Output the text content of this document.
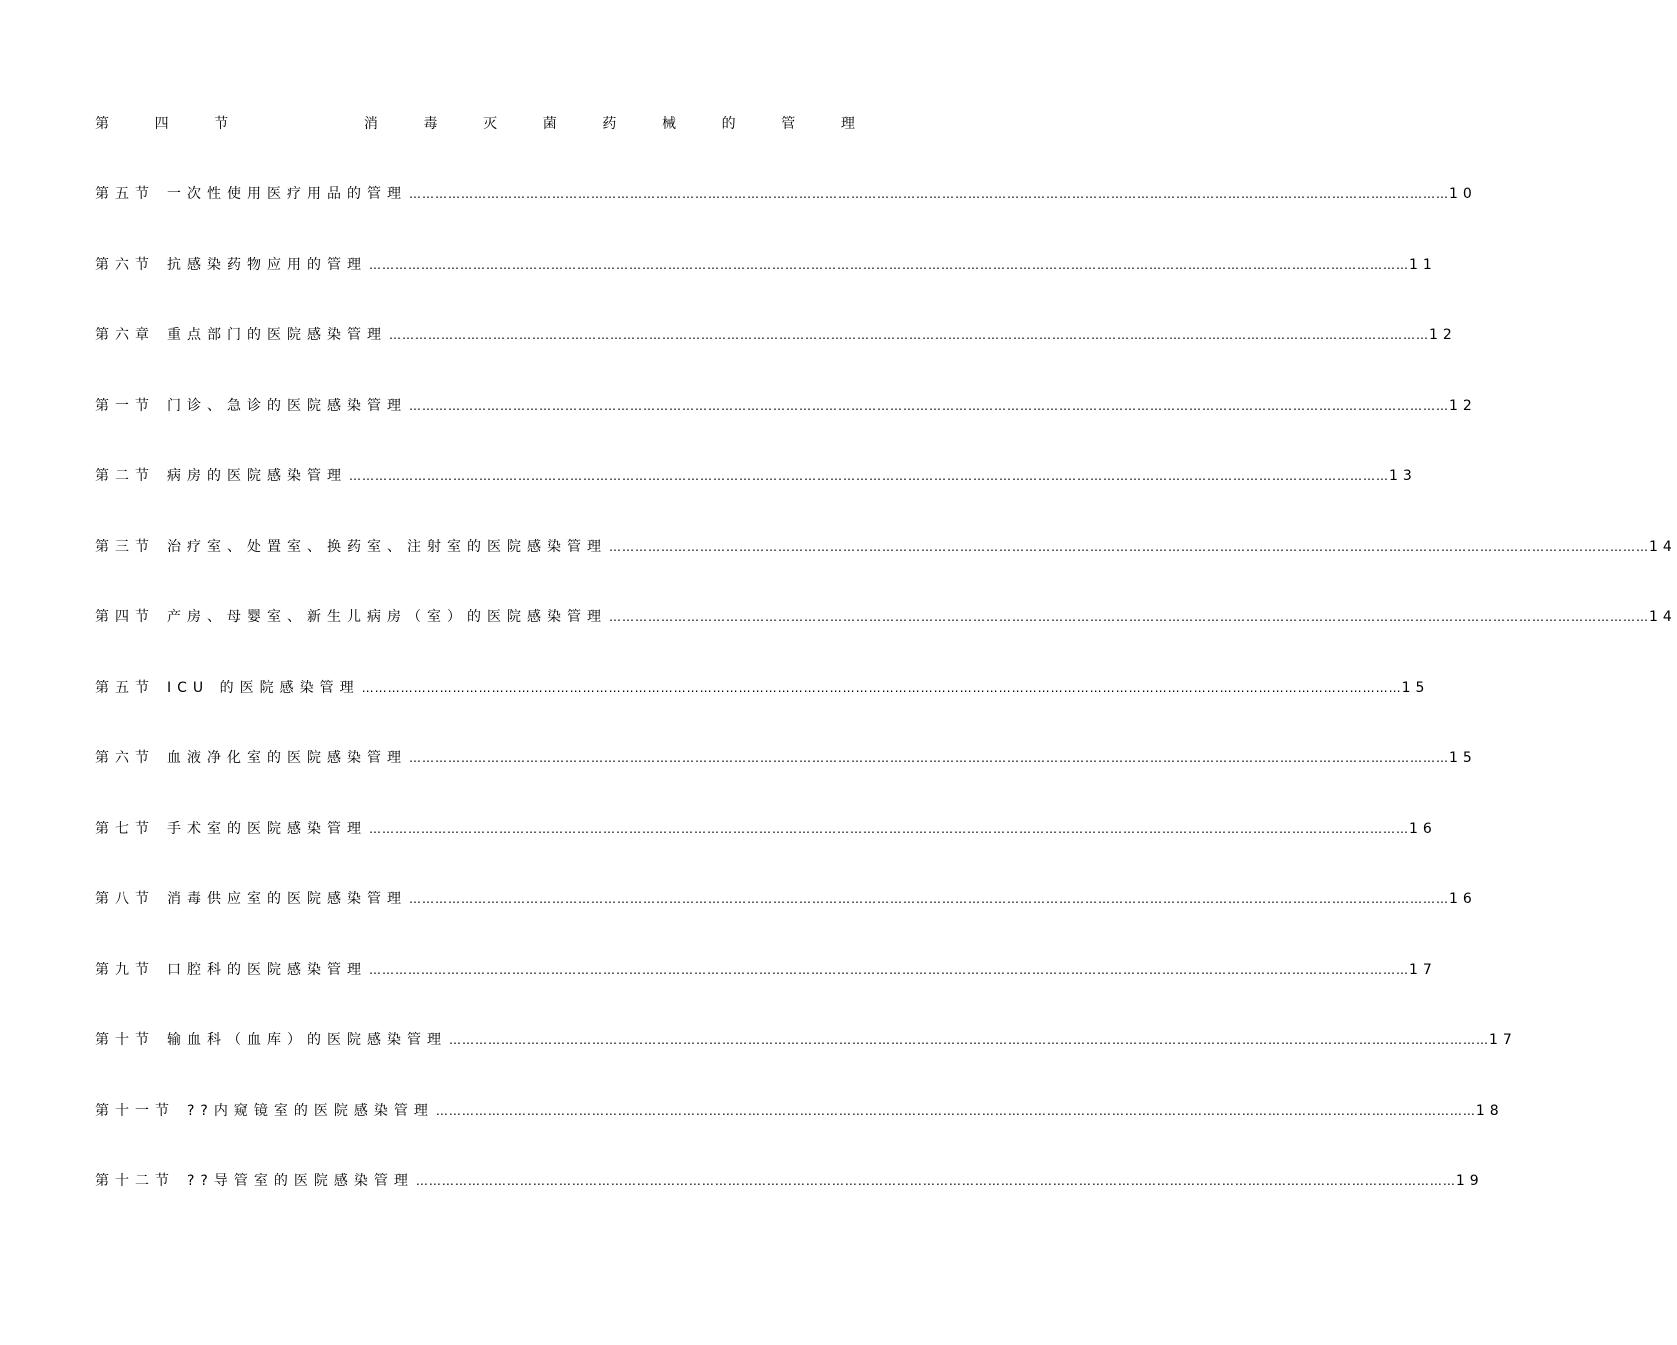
第	四	节	消	毒	灭	菌	药	械	的	管	理
第五节 一次性使用医疗用品的管理 …………………………………………………………………………………………………………………………………………………………………………………………………………………… 10
第六节 抗感染药物应用的管理 …………………………………………………………………………………………………………………………………………………………………………………………………………………… 11
第六章 重点部门的医院感染管理 …………………………………………………………………………………………………………………………………………………………………………………………………………………… 12
第一节 门诊、急诊的医院感染管理 …………………………………………………………………………………………………………………………………………………………………………………………………………………… 12
第二节 病房的医院感染管理 …………………………………………………………………………………………………………………………………………………………………………………………………………………… 13
第三节 治疗室、处置室、换药室、注射室的医院感染管理 …………………………………………………………………………………………………………………………………………………………………………………………………………………… 14
第四节 产房、母婴室、新生儿病房（室）的医院感染管理 …………………………………………………………………………………………………………………………………………………………………………………………………………………… 14
第五节 ICU 的医院感染管理 …………………………………………………………………………………………………………………………………………………………………………………………………………………… 15
第六节 血液净化室的医院感染管理 …………………………………………………………………………………………………………………………………………………………………………………………………………………… 15
第七节 手术室的医院感染管理 …………………………………………………………………………………………………………………………………………………………………………………………………………………… 16
第八节 消毒供应室的医院感染管理 …………………………………………………………………………………………………………………………………………………………………………………………………………………… 16
第九节 口腔科的医院感染管理 …………………………………………………………………………………………………………………………………………………………………………………………………………………… 17
第十节 输血科（血库）的医院感染管理 …………………………………………………………………………………………………………………………………………………………………………………………………………………… 17
第十一节 ??内窥镜室的医院感染管理 …………………………………………………………………………………………………………………………………………………………………………………………………………………… 18
第十二节 ??导管室的医院感染管理 …………………………………………………………………………………………………………………………………………………………………………………………………………………… 19
